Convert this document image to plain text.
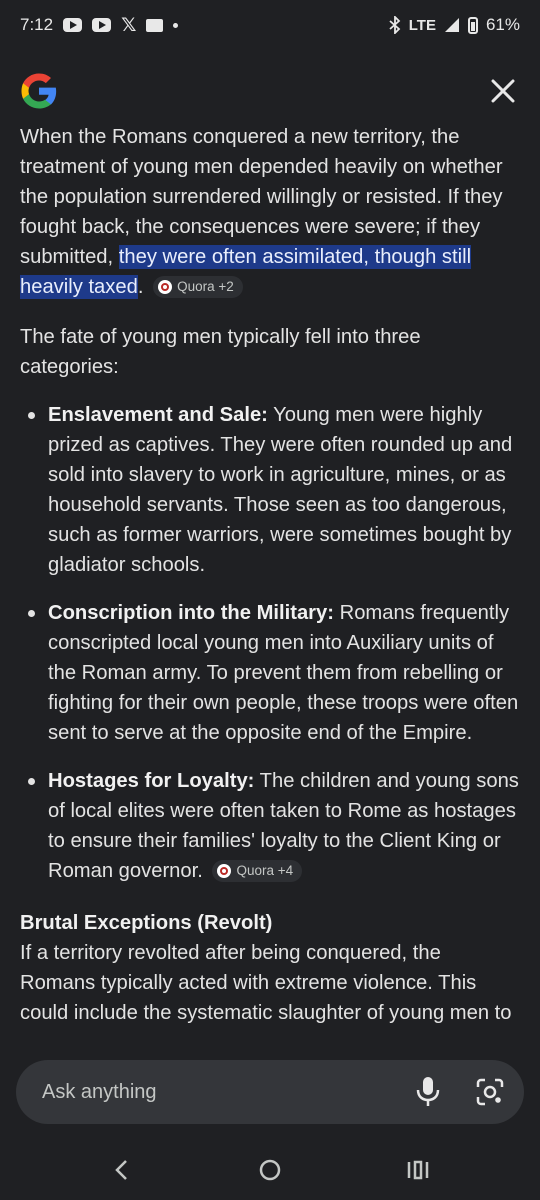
7:12	𝕏	LTE	61%

When the Romans conquered a new territory, the treatment of young men depended heavily on whether the population surrendered willingly or resisted. If they fought back, the consequences were severe; if they submitted, they were often assimilated, though still heavily taxed. Quora +2

The fate of young men typically fell into three categories:

Enslavement and Sale: Young men were highly prized as captives. They were often rounded up and sold into slavery to work in agriculture, mines, or as household servants. Those seen as too dangerous, such as former warriors, were sometimes bought by gladiator schools.
Conscription into the Military: Romans frequently conscripted local young men into Auxiliary units of the Roman army. To prevent them from rebelling or fighting for their own people, these troops were often sent to serve at the opposite end of the Empire.
Hostages for Loyalty: The children and young sons of local elites were often taken to Rome as hostages to ensure their families' loyalty to the Client King or Roman governor. Quora +4

Brutal Exceptions (Revolt)

If a territory revolted after being conquered, the Romans typically acted with extreme violence. This could include the systematic slaughter of young men to

Ask anything
